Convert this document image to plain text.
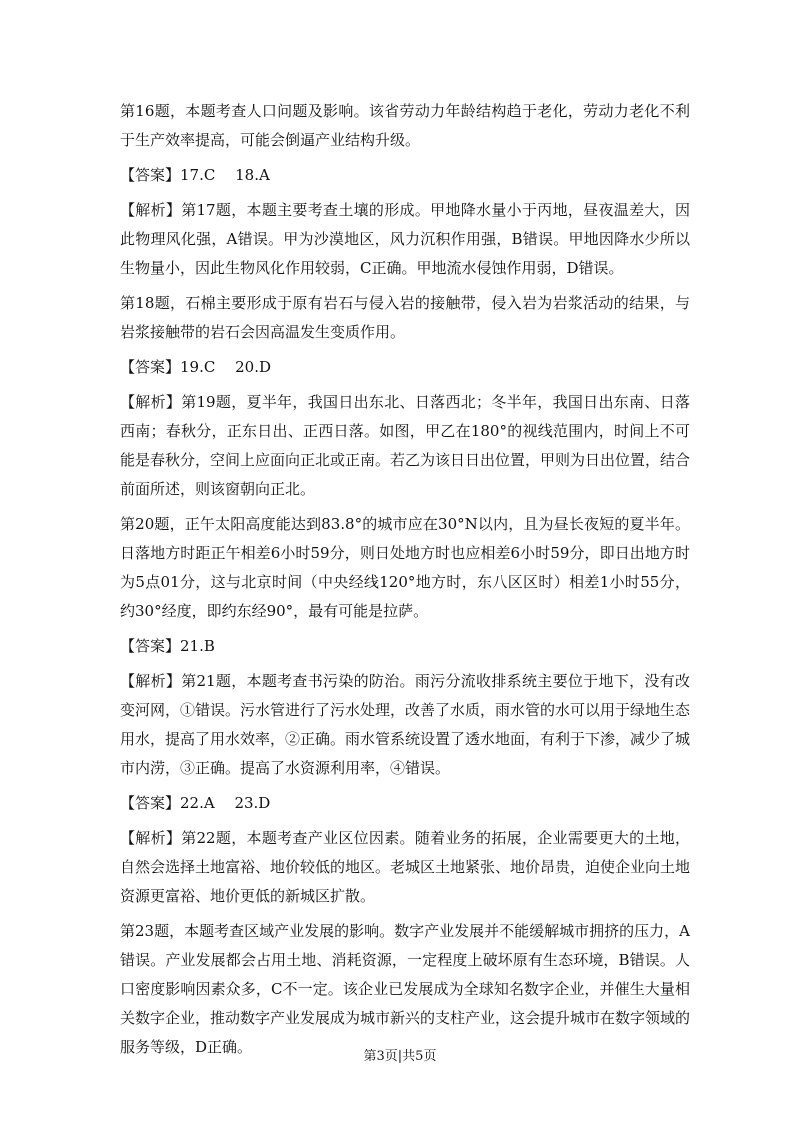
第16题，本题考查人口问题及影响。该省劳动力年龄结构趋于老化，劳动力老化不利于生产效率提高，可能会倒逼产业结构升级。

【答案】17.C　 18.A

【解析】第17题，本题主要考查土壤的形成。甲地降水量小于丙地，昼夜温差大，因此物理风化强，A错误。甲为沙漠地区，风力沉积作用强，B错误。甲地因降水少所以生物量小，因此生物风化作用较弱，C正确。甲地流水侵蚀作用弱，D错误。

第18题，石棉主要形成于原有岩石与侵入岩的接触带，侵入岩为岩浆活动的结果，与岩浆接触带的岩石会因高温发生变质作用。

【答案】19.C　 20.D

【解析】第19题，夏半年，我国日出东北、日落西北；冬半年，我国日出东南、日落西南；春秋分，正东日出、正西日落。如图，甲乙在180°的视线范围内，时间上不可能是春秋分，空间上应面向正北或正南。若乙为该日日出位置，甲则为日出位置，结合前面所述，则该窗朝向正北。

第20题，正午太阳高度能达到83.8°的城市应在30°N以内，且为昼长夜短的夏半年。日落地方时距正午相差6小时59分，则日处地方时也应相差6小时59分，即日出地方时为5点01分，这与北京时间（中央经线120°地方时，东八区区时）相差1小时55分，约30°经度，即约东经90°，最有可能是拉萨。

【答案】21.B

【解析】第21题，本题考查书污染的防治。雨污分流收排系统主要位于地下，没有改变河网，①错误。污水管进行了污水处理，改善了水质，雨水管的水可以用于绿地生态用水，提高了用水效率，②正确。雨水管系统设置了透水地面，有利于下渗，减少了城市内涝，③正确。提高了水资源利用率，④错误。

【答案】22.A　 23.D

【解析】第22题，本题考查产业区位因素。随着业务的拓展，企业需要更大的土地，自然会选择土地富裕、地价较低的地区。老城区土地紧张、地价昂贵，迫使企业向土地资源更富裕、地价更低的新城区扩散。

第23题，本题考查区域产业发展的影响。数字产业发展并不能缓解城市拥挤的压力，A错误。产业发展都会占用土地、消耗资源，一定程度上破坏原有生态环境，B错误。人口密度影响因素众多，C不一定。该企业已发展成为全球知名数字企业，并催生大量相关数字企业，推动数字产业发展成为城市新兴的支柱产业，这会提升城市在数字领域的服务等级，D正确。

第3页|共5页
